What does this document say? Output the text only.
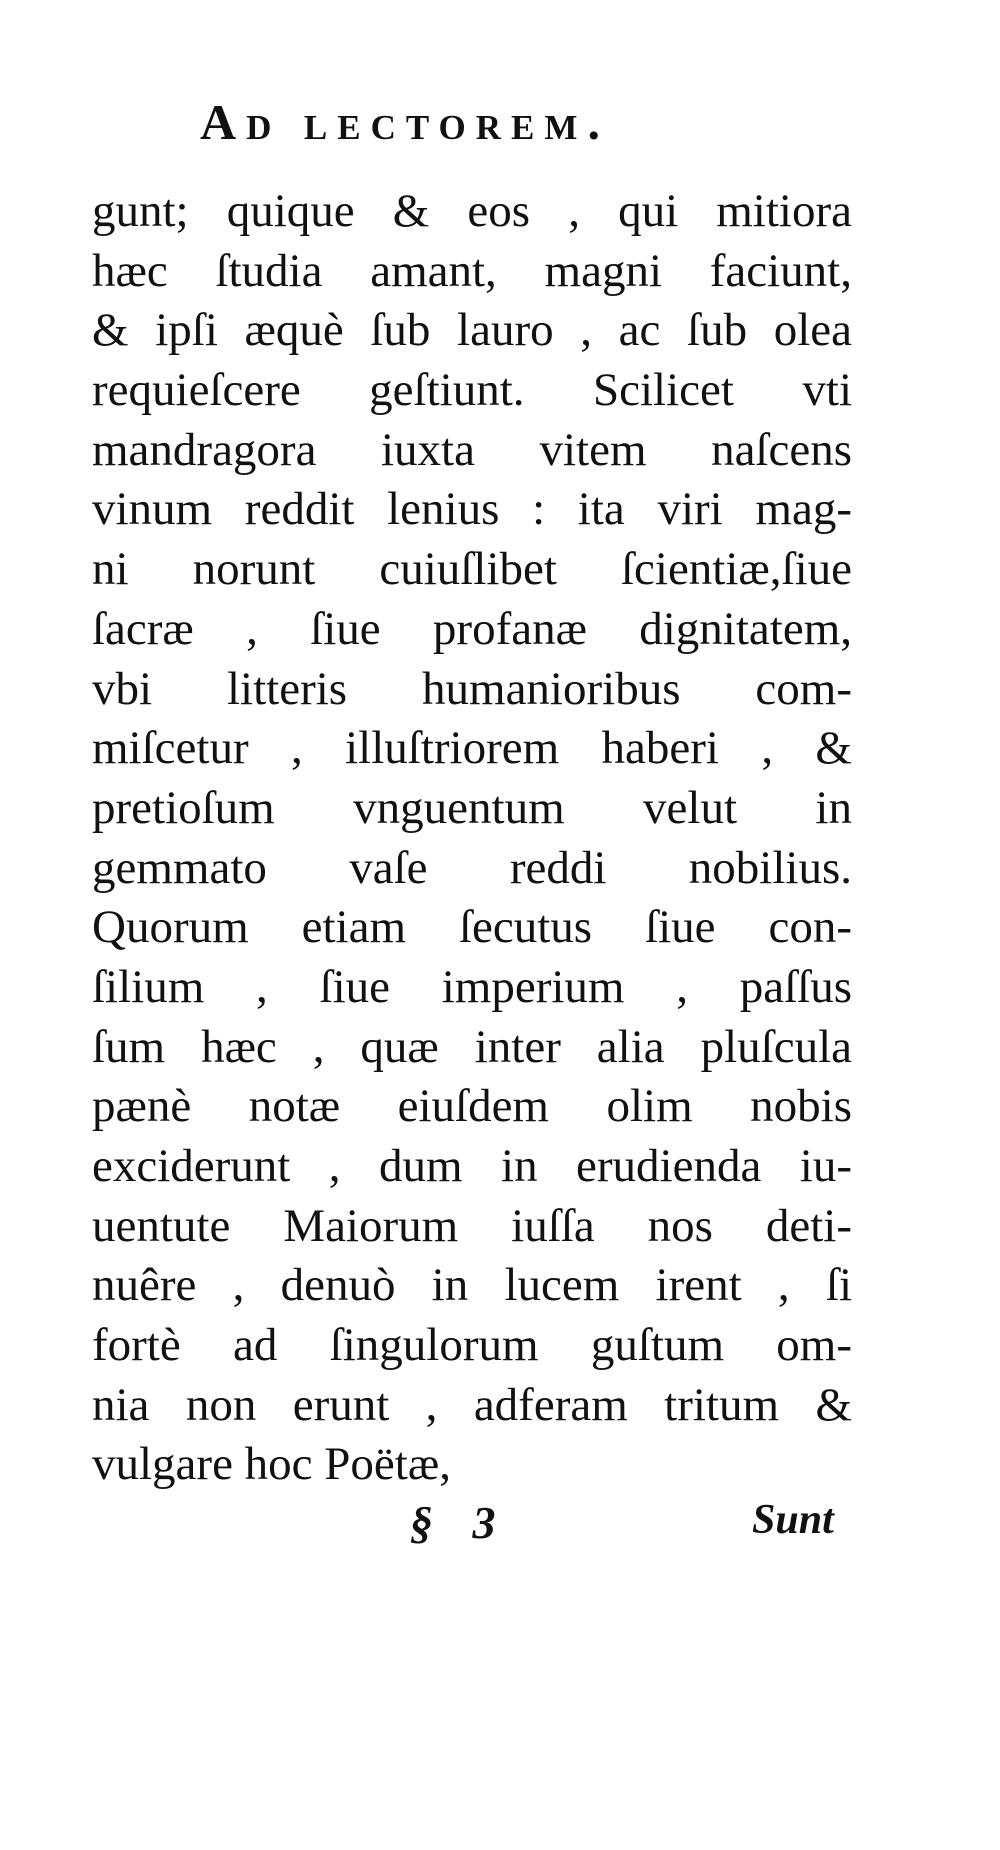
Ad lectorem.
gunt; quique & eos , qui mitiora
hæc ſtudia amant, magni faciunt,
& ipſi æquè ſub lauro , ac ſub olea
requieſcere geſtiunt. Scilicet vti
mandragora iuxta vitem naſcens
vinum reddit lenius : ita viri mag-
ni norunt cuiuſlibet ſcientiæ,ſiue
ſacræ , ſiue profanæ dignitatem,
vbi litteris humanioribus com-
miſcetur , illuſtriorem haberi , &
pretioſum vnguentum velut in
gemmato vaſe reddi nobilius.
Quorum etiam ſecutus ſiue con-
ſilium , ſiue imperium , paſſus
ſum hæc , quæ inter alia pluſcula
pænè notæ eiuſdem olim nobis
exciderunt , dum in erudienda iu-
uentute Maiorum iuſſa nos deti-
nuêre , denuò in lucem irent , ſi
fortè ad ſingulorum guſtum om-
nia non erunt , adferam tritum &
vulgare hoc Poëtæ,
§ 3	Sunt
